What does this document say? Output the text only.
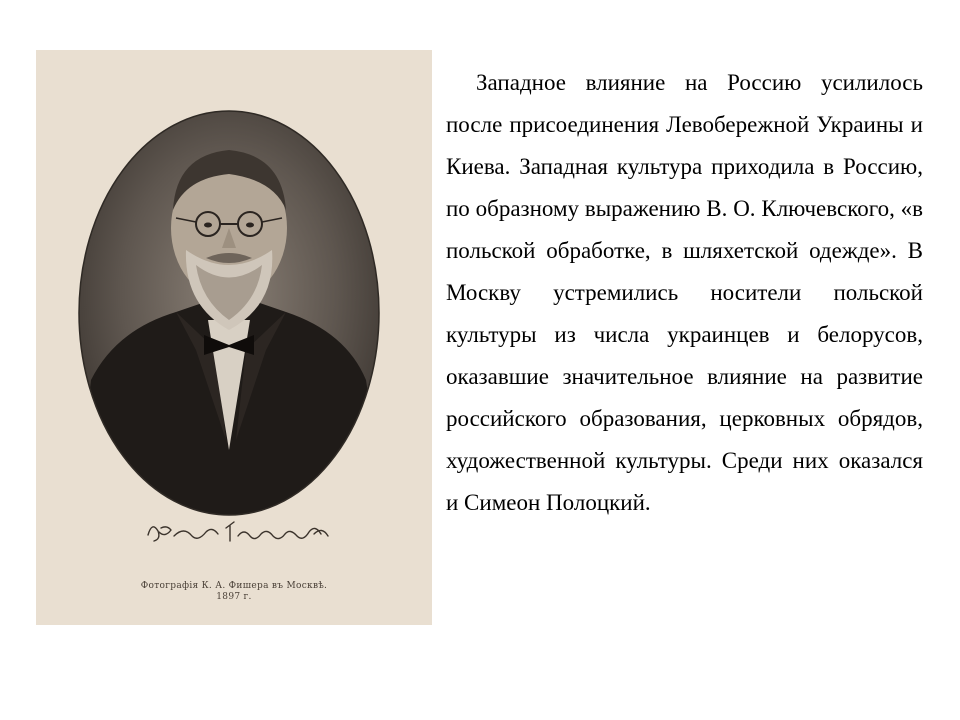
Фотографія К. А. Фишера въ Москвѣ.
1897 г.

Западное влияние на Россию усилилось после присоединения Левобережной Украины и Киева. Западная культура приходила в Россию, по образному выражению В. О. Ключевского, «в польской обработке, в шляхетской одежде». В Москву устремились носители польской культуры из числа украинцев и белорусов, оказавшие значительное влияние на развитие российского образования, церковных обрядов, художественной культуры. Среди них оказался и Симеон Полоцкий.
